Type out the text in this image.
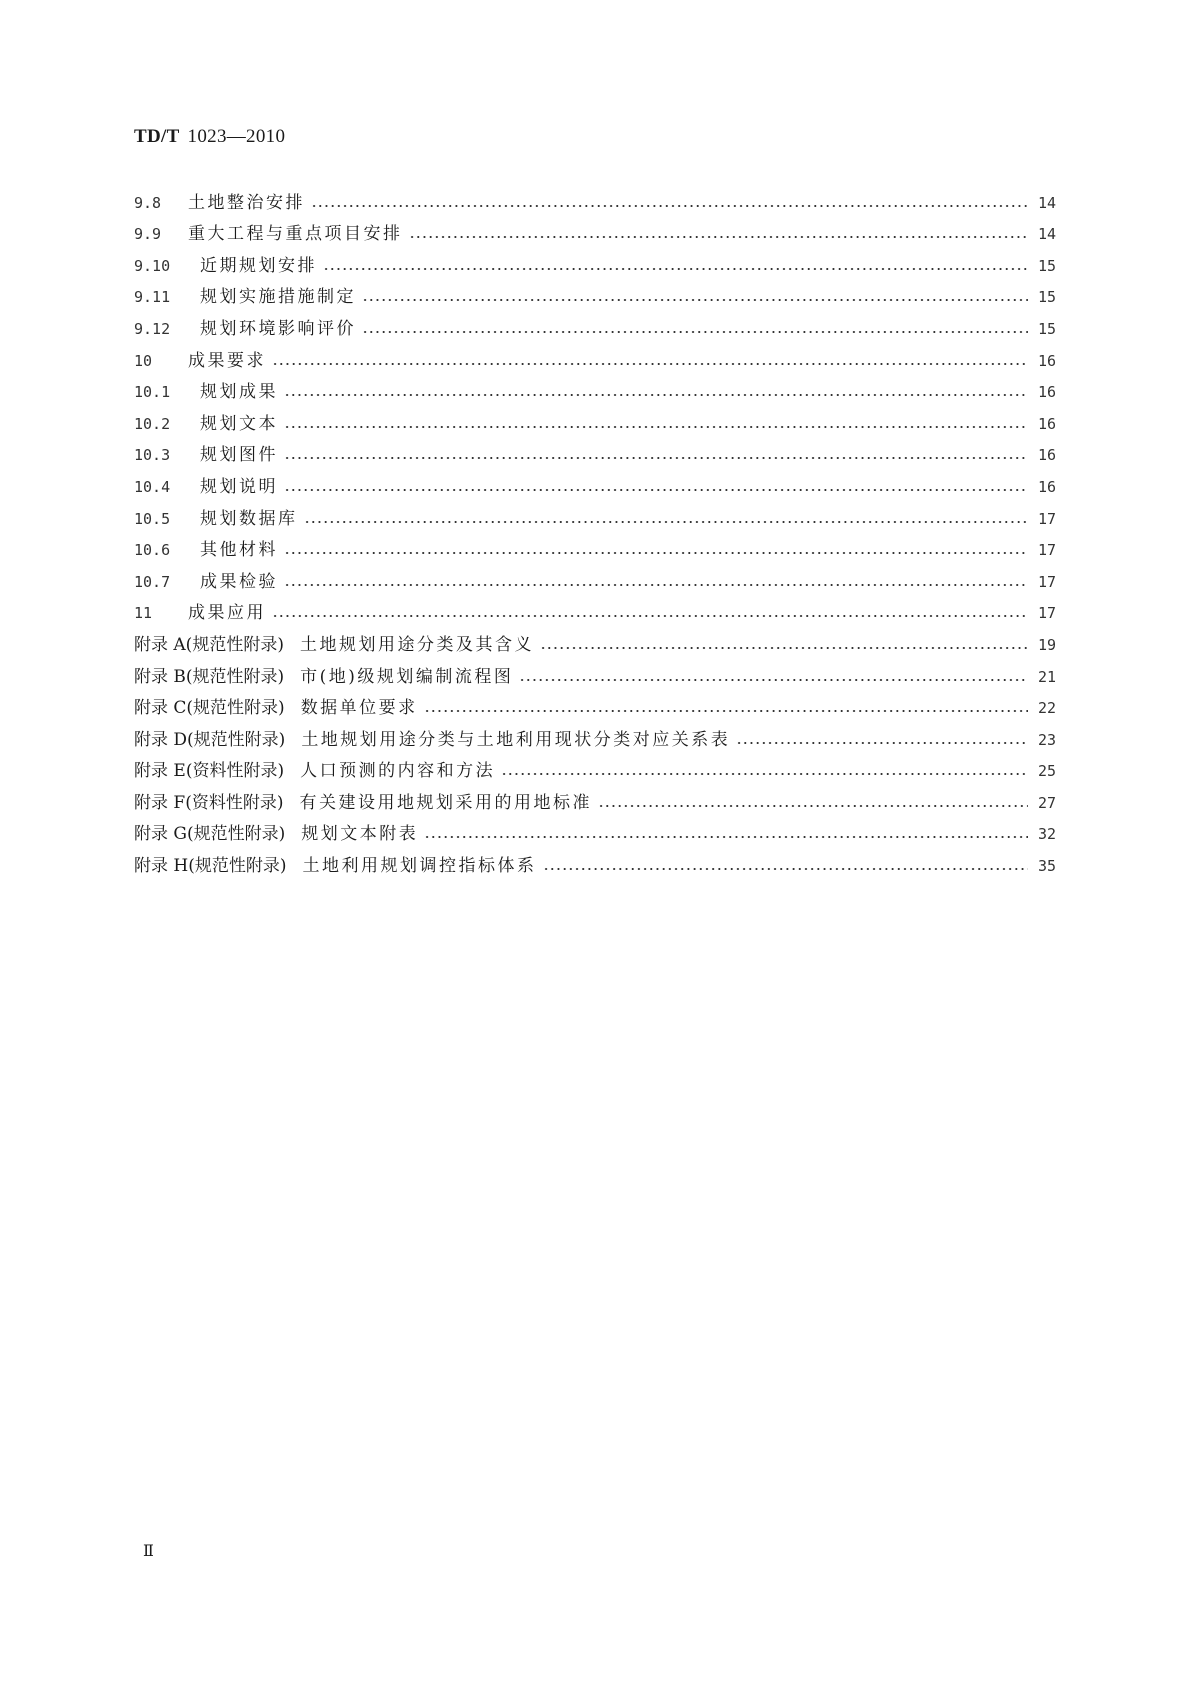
TD/T 1023—2010
9.8	土地整治安排	14
9.9	重大工程与重点项目安排	14
9.10	近期规划安排	15
9.11	规划实施措施制定	15
9.12	规划环境影响评价	15
10	成果要求	16
10.1	规划成果	16
10.2	规划文本	16
10.3	规划图件	16
10.4	规划说明	16
10.5	规划数据库	17
10.6	其他材料	17
10.7	成果检验	17
11	成果应用	17
附录 A(规范性附录) 土地规划用途分类及其含义	19
附录 B(规范性附录) 市(地)级规划编制流程图	21
附录 C(规范性附录) 数据单位要求	22
附录 D(规范性附录) 土地规划用途分类与土地利用现状分类对应关系表	23
附录 E(资料性附录) 人口预测的内容和方法	25
附录 F(资料性附录) 有关建设用地规划采用的用地标准	27
附录 G(规范性附录) 规划文本附表	32
附录 H(规范性附录) 土地利用规划调控指标体系	35
Ⅱ
